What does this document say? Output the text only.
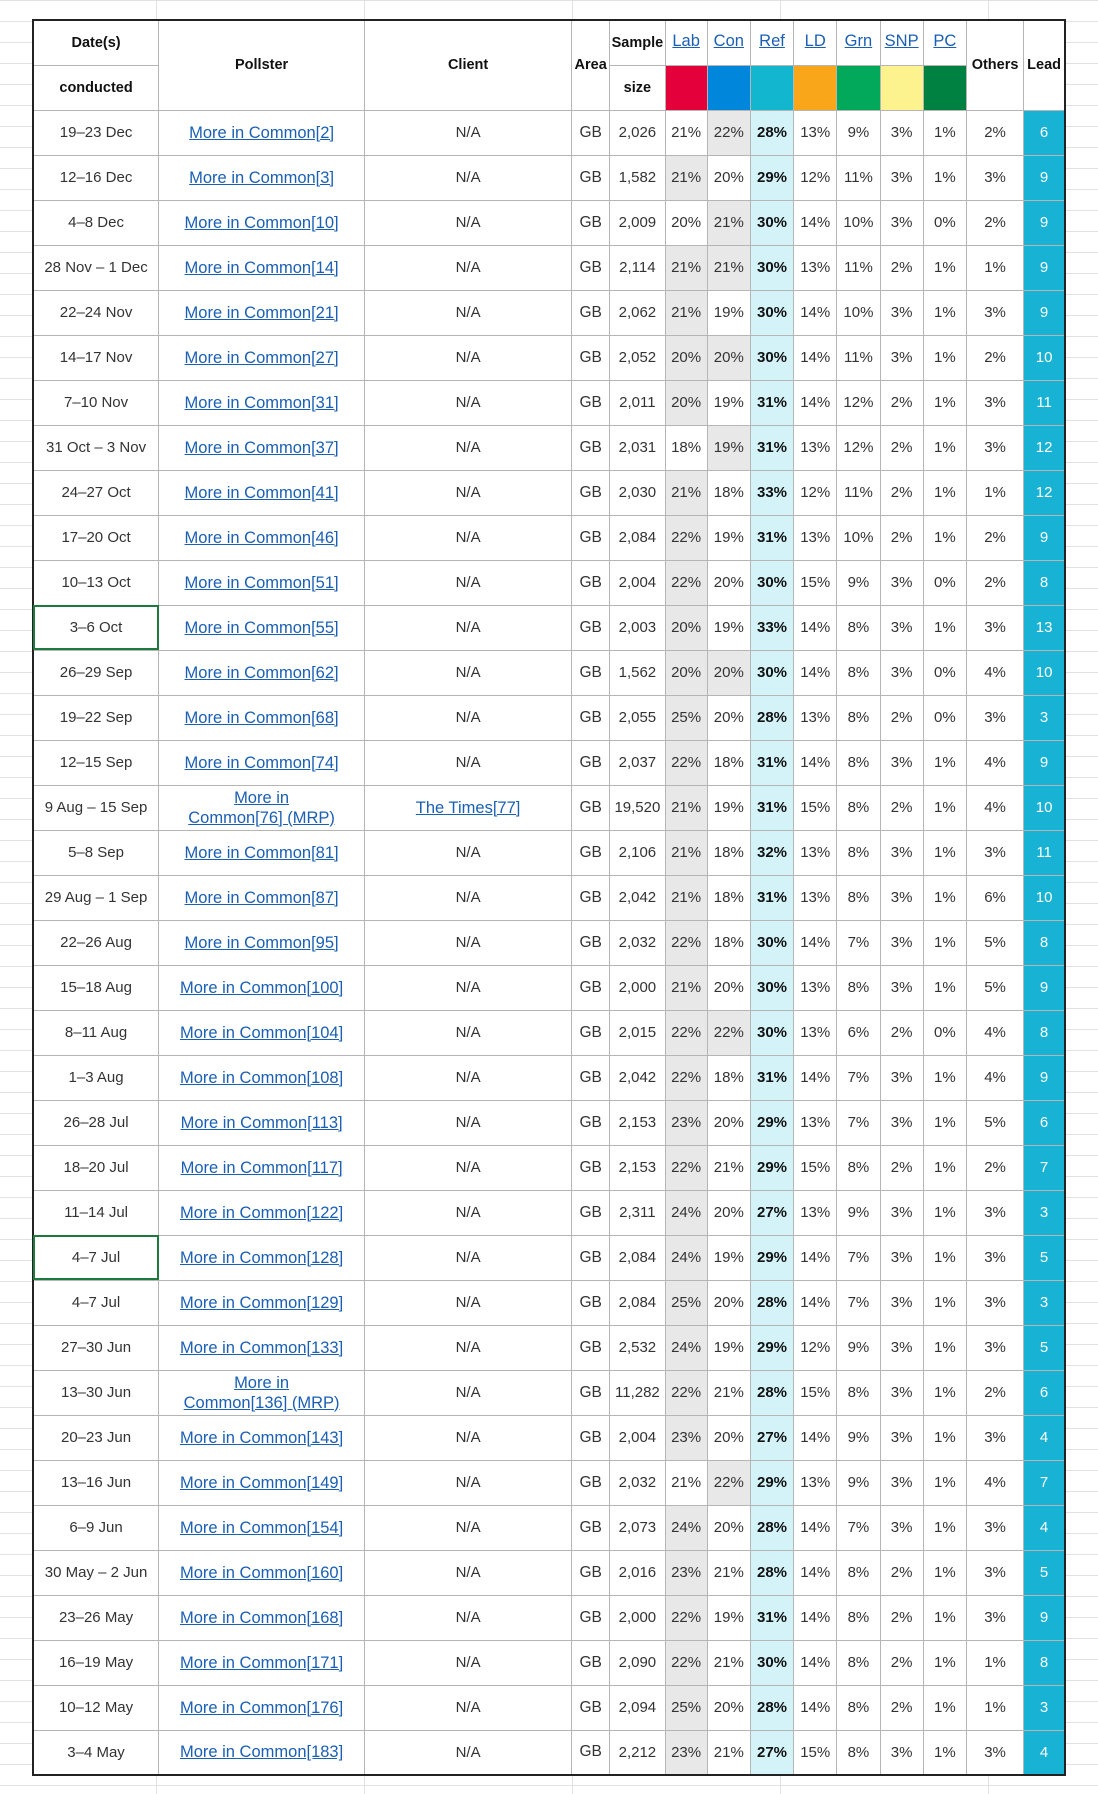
Date(s)	Pollster	Client	Area	Sample	Lab	Con	Ref	LD	Grn	SNP	PC	Others	Lead
conducted				size									
19–23 Dec	More in Common[2]	N/A	GB	2,026	21%	22%	28%	13%	9%	3%	1%	2%	6
12–16 Dec	More in Common[3]	N/A	GB	1,582	21%	20%	29%	12%	11%	3%	1%	3%	9
4–8 Dec	More in Common[10]	N/A	GB	2,009	20%	21%	30%	14%	10%	3%	0%	2%	9
28 Nov – 1 Dec	More in Common[14]	N/A	GB	2,114	21%	21%	30%	13%	11%	2%	1%	1%	9
22–24 Nov	More in Common[21]	N/A	GB	2,062	21%	19%	30%	14%	10%	3%	1%	3%	9
14–17 Nov	More in Common[27]	N/A	GB	2,052	20%	20%	30%	14%	11%	3%	1%	2%	10
7–10 Nov	More in Common[31]	N/A	GB	2,011	20%	19%	31%	14%	12%	2%	1%	3%	11
31 Oct – 3 Nov	More in Common[37]	N/A	GB	2,031	18%	19%	31%	13%	12%	2%	1%	3%	12
24–27 Oct	More in Common[41]	N/A	GB	2,030	21%	18%	33%	12%	11%	2%	1%	1%	12
17–20 Oct	More in Common[46]	N/A	GB	2,084	22%	19%	31%	13%	10%	2%	1%	2%	9
10–13 Oct	More in Common[51]	N/A	GB	2,004	22%	20%	30%	15%	9%	3%	0%	2%	8
3–6 Oct	More in Common[55]	N/A	GB	2,003	20%	19%	33%	14%	8%	3%	1%	3%	13
26–29 Sep	More in Common[62]	N/A	GB	1,562	20%	20%	30%	14%	8%	3%	0%	4%	10
19–22 Sep	More in Common[68]	N/A	GB	2,055	25%	20%	28%	13%	8%	2%	0%	3%	3
12–15 Sep	More in Common[74]	N/A	GB	2,037	22%	18%	31%	14%	8%	3%	1%	4%	9
9 Aug – 15 Sep	More in
Common[76] (MRP)	The Times[77]	GB	19,520	21%	19%	31%	15%	8%	2%	1%	4%	10
5–8 Sep	More in Common[81]	N/A	GB	2,106	21%	18%	32%	13%	8%	3%	1%	3%	11
29 Aug – 1 Sep	More in Common[87]	N/A	GB	2,042	21%	18%	31%	13%	8%	3%	1%	6%	10
22–26 Aug	More in Common[95]	N/A	GB	2,032	22%	18%	30%	14%	7%	3%	1%	5%	8
15–18 Aug	More in Common[100]	N/A	GB	2,000	21%	20%	30%	13%	8%	3%	1%	5%	9
8–11 Aug	More in Common[104]	N/A	GB	2,015	22%	22%	30%	13%	6%	2%	0%	4%	8
1–3 Aug	More in Common[108]	N/A	GB	2,042	22%	18%	31%	14%	7%	3%	1%	4%	9
26–28 Jul	More in Common[113]	N/A	GB	2,153	23%	20%	29%	13%	7%	3%	1%	5%	6
18–20 Jul	More in Common[117]	N/A	GB	2,153	22%	21%	29%	15%	8%	2%	1%	2%	7
11–14 Jul	More in Common[122]	N/A	GB	2,311	24%	20%	27%	13%	9%	3%	1%	3%	3
4–7 Jul	More in Common[128]	N/A	GB	2,084	24%	19%	29%	14%	7%	3%	1%	3%	5
4–7 Jul	More in Common[129]	N/A	GB	2,084	25%	20%	28%	14%	7%	3%	1%	3%	3
27–30 Jun	More in Common[133]	N/A	GB	2,532	24%	19%	29%	12%	9%	3%	1%	3%	5
13–30 Jun	More in
Common[136] (MRP)	N/A	GB	11,282	22%	21%	28%	15%	8%	3%	1%	2%	6
20–23 Jun	More in Common[143]	N/A	GB	2,004	23%	20%	27%	14%	9%	3%	1%	3%	4
13–16 Jun	More in Common[149]	N/A	GB	2,032	21%	22%	29%	13%	9%	3%	1%	4%	7
6–9 Jun	More in Common[154]	N/A	GB	2,073	24%	20%	28%	14%	7%	3%	1%	3%	4
30 May – 2 Jun	More in Common[160]	N/A	GB	2,016	23%	21%	28%	14%	8%	2%	1%	3%	5
23–26 May	More in Common[168]	N/A	GB	2,000	22%	19%	31%	14%	8%	2%	1%	3%	9
16–19 May	More in Common[171]	N/A	GB	2,090	22%	21%	30%	14%	8%	2%	1%	1%	8
10–12 May	More in Common[176]	N/A	GB	2,094	25%	20%	28%	14%	8%	2%	1%	1%	3
3–4 May	More in Common[183]	N/A	GB	2,212	23%	21%	27%	15%	8%	3%	1%	3%	4
